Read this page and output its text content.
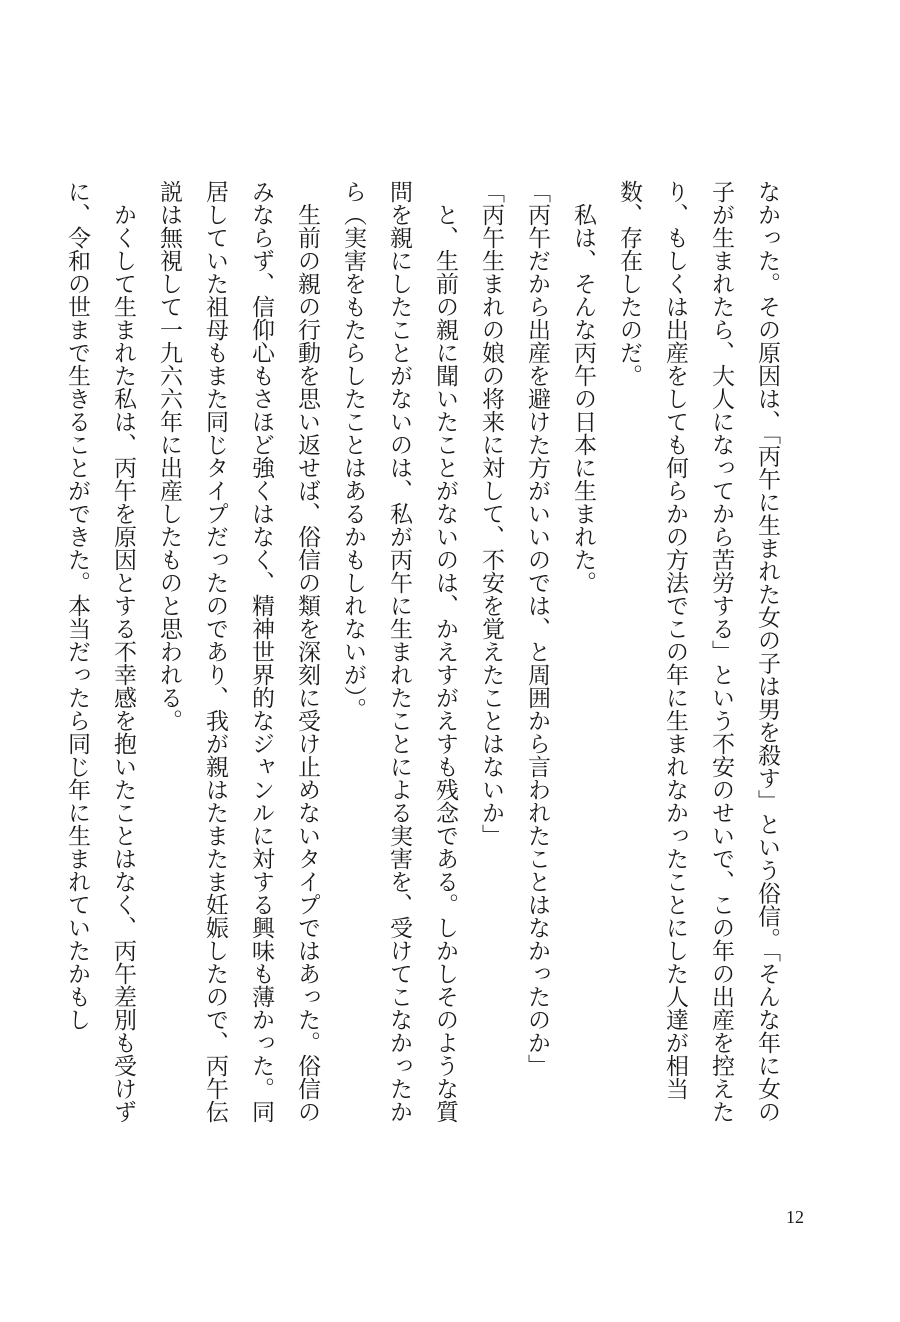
なかった。その原因は、「丙午に生まれた女の子は男を殺す」という俗信。「そんな年に女の子が生まれたら、大人になってから苦労する」という不安のせいで、この年の出産を控えたり、もしくは出産をしても何らかの方法でこの年に生まれなかったことにした人達が相当数、存在したのだ。

　私は、そんな丙午の日本に生まれた。

「丙午だから出産を避けた方がいいのでは、と周囲から言われたことはなかったのか」

「丙午生まれの娘の将来に対して、不安を覚えたことはないか」

　と、生前の親に聞いたことがないのは、かえすがえすも残念である。しかしそのような質問を親にしたことがないのは、私が丙午に生まれたことによる実害を、受けてこなかったから（実害をもたらしたことはあるかもしれないが）。

　生前の親の行動を思い返せば、俗信の類を深刻に受け止めないタイプではあった。俗信のみならず、信仰心もさほど強くはなく、精神世界的なジャンルに対する興味も薄かった。同居していた祖母もまた同じタイプだったのであり、我が親はたまたま妊娠したので、丙午伝説は無視して一九六六年に出産したものと思われる。

　かくして生まれた私は、丙午を原因とする不幸感を抱いたことはなく、丙午差別も受けずに、令和の世まで生きることができた。本当だったら同じ年に生まれていたかもし

12
